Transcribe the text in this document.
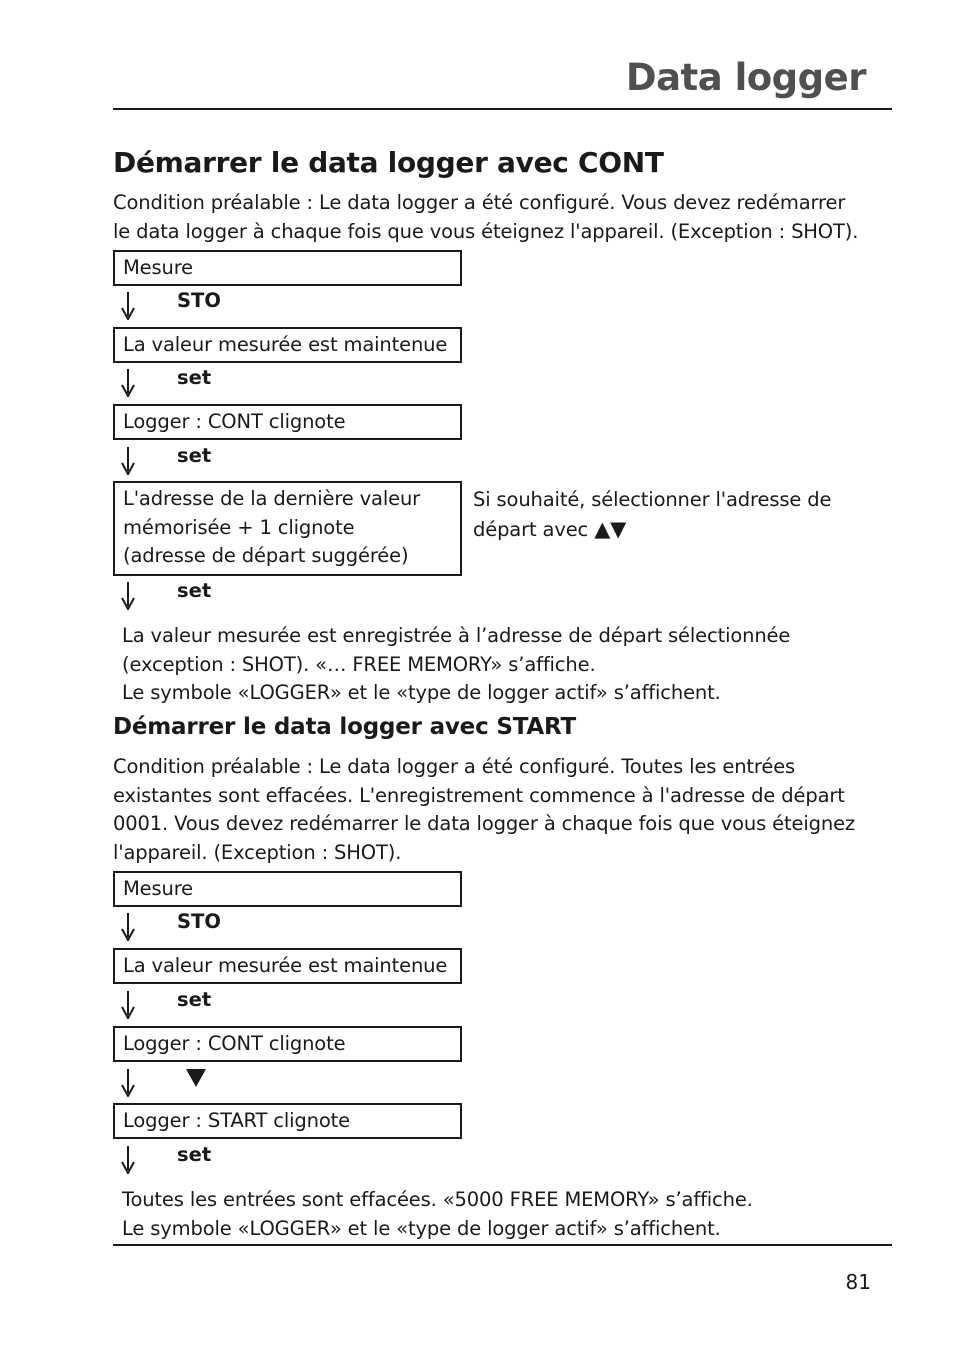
Data logger
Démarrer le data logger avec CONT
Condition préalable : Le data logger a été configuré. Vous devez redémarrer
le data logger à chaque fois que vous éteignez l'appareil. (Exception : SHOT).
Mesure
STO
La valeur mesurée est maintenue
set
Logger : CONT clignote
set
L'adresse de la dernière valeur
mémorisée + 1 clignote
(adresse de départ suggérée)
Si souhaité, sélectionner l'adresse de
départ avec ▲▼
set
La valeur mesurée est enregistrée à l’adresse de départ sélectionnée
(exception : SHOT). «… FREE MEMORY» s’affiche.
Le symbole «LOGGER» et le «type de logger actif» s’affichent.
Démarrer le data logger avec START
Condition préalable : Le data logger a été configuré. Toutes les entrées
existantes sont effacées. L'enregistrement commence à l'adresse de départ
0001. Vous devez redémarrer le data logger à chaque fois que vous éteignez
l'appareil. (Exception : SHOT).
Mesure
STO
La valeur mesurée est maintenue
set
Logger : CONT clignote
Logger : START clignote
set
Toutes les entrées sont effacées. «5000 FREE MEMORY» s’affiche.
Le symbole «LOGGER» et le «type de logger actif» s’affichent.
81
